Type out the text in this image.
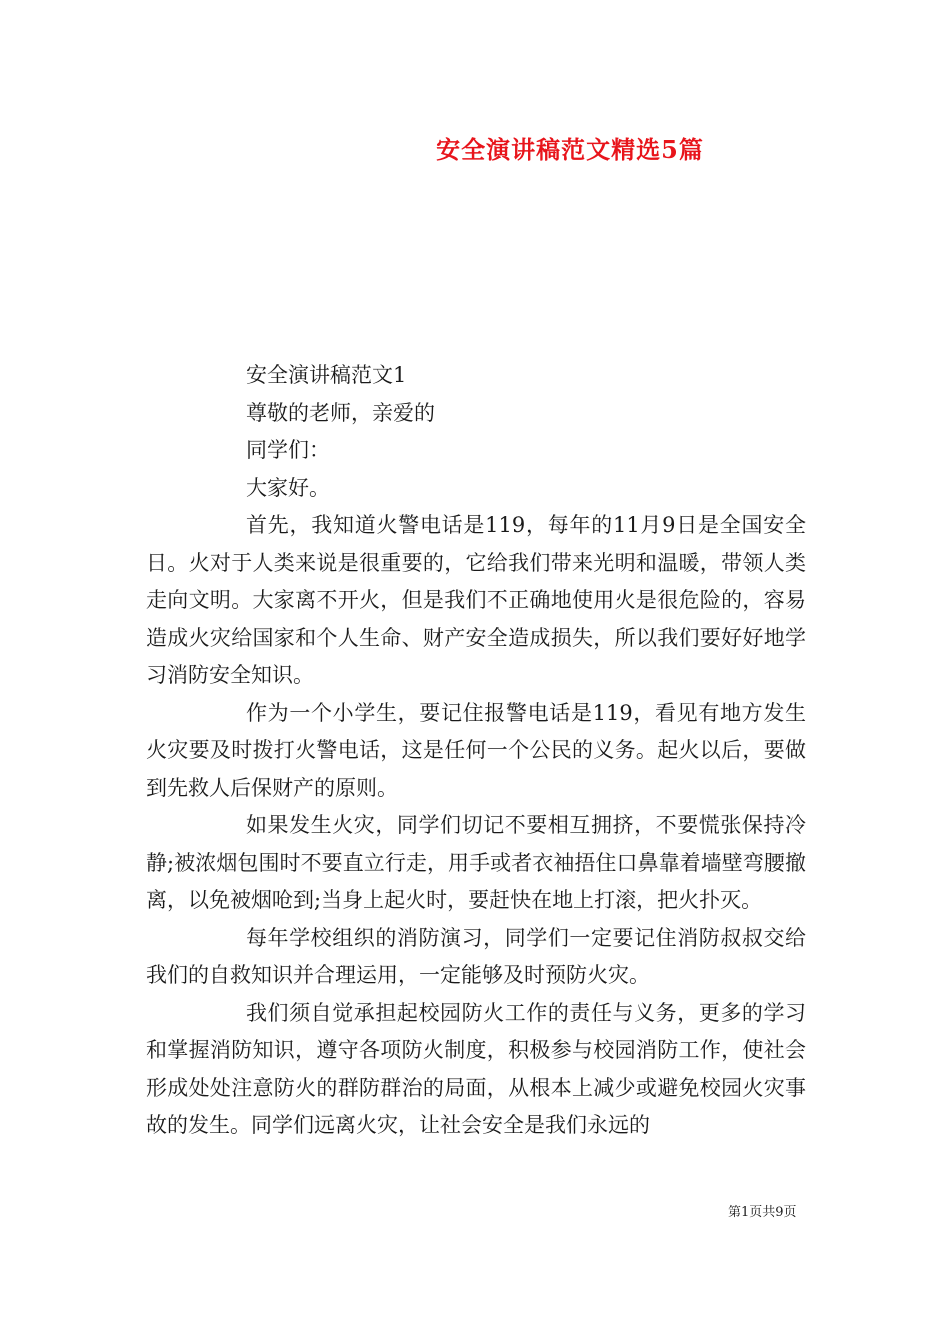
安全演讲稿范文精选5篇

安全演讲稿范文1

尊敬的老师，亲爱的

同学们：

大家好。

首先，我知道火警电话是119，每年的11月9日是全国安全日。火对于人类来说是很重要的，它给我们带来光明和温暖，带领人类走向文明。大家离不开火，但是我们不正确地使用火是很危险的，容易造成火灾给国家和个人生命、财产安全造成损失，所以我们要好好地学习消防安全知识。

作为一个小学生，要记住报警电话是119，看见有地方发生火灾要及时拨打火警电话，这是任何一个公民的义务。起火以后，要做到先救人后保财产的原则。

如果发生火灾，同学们切记不要相互拥挤，不要慌张保持冷静;被浓烟包围时不要直立行走，用手或者衣袖捂住口鼻靠着墙壁弯腰撤离，以免被烟呛到;当身上起火时，要赶快在地上打滚，把火扑灭。

每年学校组织的消防演习，同学们一定要记住消防叔叔交给我们的自救知识并合理运用，一定能够及时预防火灾。

我们须自觉承担起校园防火工作的责任与义务，更多的学习和掌握消防知识，遵守各项防火制度，积极参与校园消防工作，使社会形成处处注意防火的群防群治的局面，从根本上减少或避免校园火灾事故的发生。同学们远离火灾，让社会安全是我们永远的

第1页共9页
